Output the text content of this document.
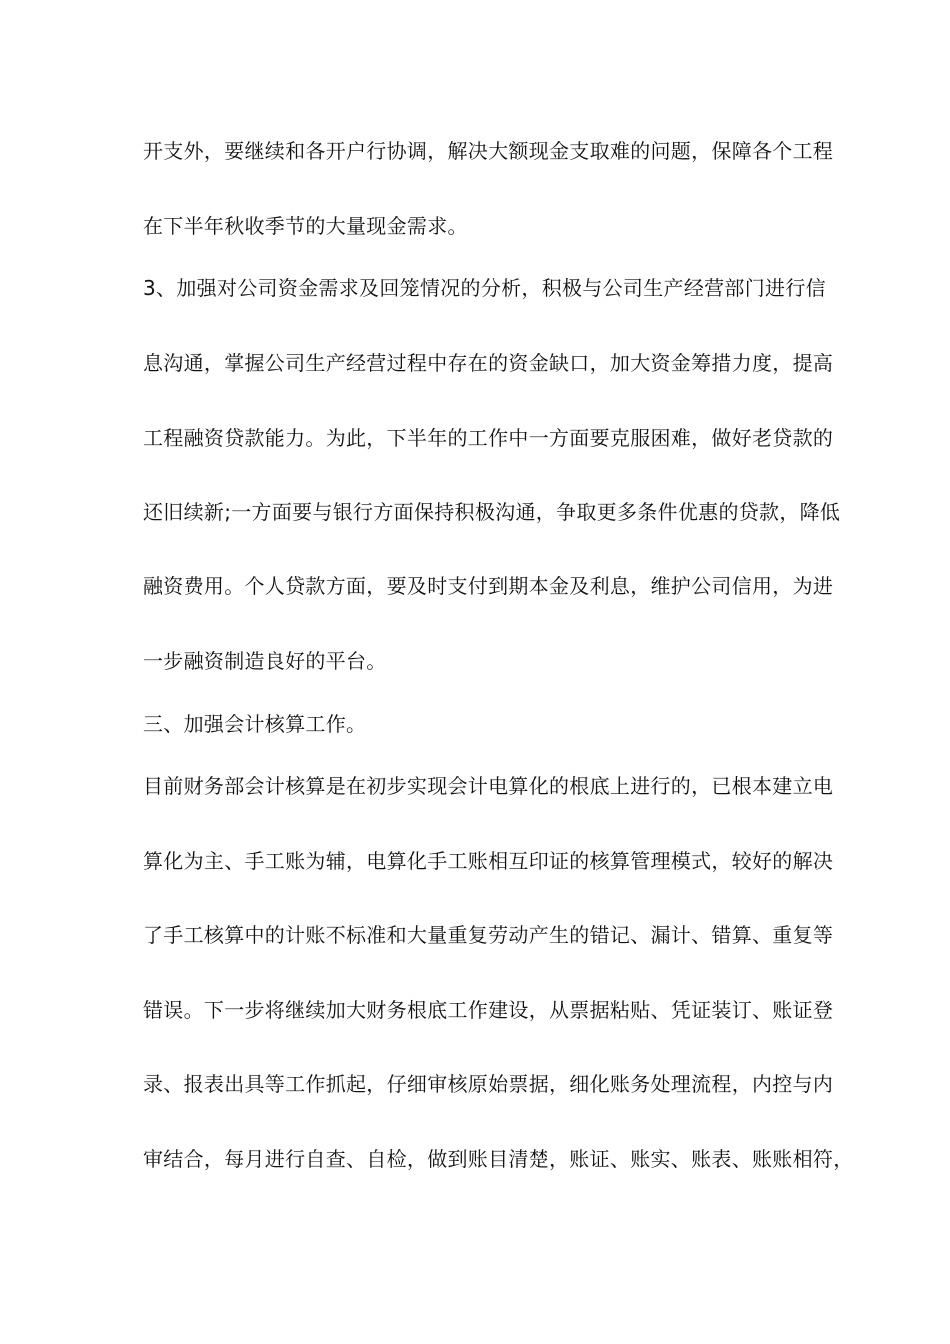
开支外，要继续和各开户行协调，解决大额现金支取难的问题，保障各个工程
在下半年秋收季节的大量现金需求。
3、加强对公司资金需求及回笼情况的分析，积极与公司生产经营部门进行信
息沟通，掌握公司生产经营过程中存在的资金缺口，加大资金筹措力度，提高
工程融资贷款能力。为此，下半年的工作中一方面要克服困难，做好老贷款的
还旧续新;一方面要与银行方面保持积极沟通，争取更多条件优惠的贷款，降低
融资费用。个人贷款方面，要及时支付到期本金及利息，维护公司信用，为进
一步融资制造良好的平台。
三、加强会计核算工作。
目前财务部会计核算是在初步实现会计电算化的根底上进行的，已根本建立电
算化为主、手工账为辅，电算化手工账相互印证的核算管理模式，较好的解决
了手工核算中的计账不标准和大量重复劳动产生的错记、漏计、错算、重复等
错误。下一步将继续加大财务根底工作建设，从票据粘贴、凭证装订、账证登
录、报表出具等工作抓起，仔细审核原始票据，细化账务处理流程，内控与内
审结合，每月进行自查、自检，做到账目清楚，账证、账实、账表、账账相符，
